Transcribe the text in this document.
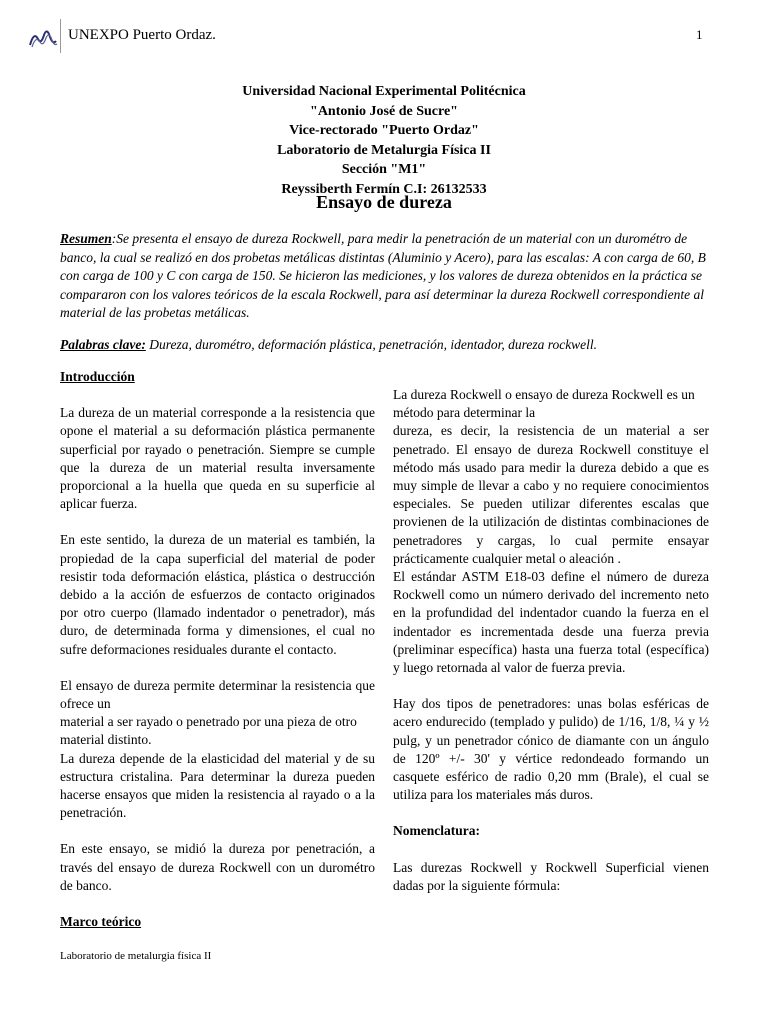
UNEXPO Puerto Ordaz.	1
Universidad Nacional Experimental Politécnica
"Antonio José de Sucre"
Vice-rectorado "Puerto Ordaz"
Laboratorio de Metalurgia Física II
Sección "M1"
Reyssiberth Fermín C.I: 26132533
Ensayo de dureza
Resumen:Se presenta el ensayo de dureza Rockwell, para medir la penetración de un material con un durométro de banco, la cual se realizó en dos probetas metálicas distintas (Aluminio y Acero), para las escalas: A con carga de 60, B con carga de 100 y C con carga de 150. Se hicieron las mediciones, y los valores de dureza obtenidos en la práctica se compararon con los valores teóricos de la escala Rockwell, para así determinar la dureza Rockwell correspondiente al material de las probetas metálicas.
Palabras clave: Dureza, durométro, deformación plástica, penetración, identador, dureza rockwell.

Introducción

La dureza de un material corresponde a la resistencia que opone el material a su deformación plástica permanente superficial por rayado o penetración. Siempre se cumple que la dureza de un material resulta inversamente proporcional a la huella que queda en su superficie al aplicar fuerza.

En este sentido, la dureza de un material es también, la propiedad de la capa superficial del material de poder resistir toda deformación elástica, plástica o destrucción debido a la acción de esfuerzos de contacto originados por otro cuerpo (llamado indentador o penetrador), más duro, de determinada forma y dimensiones, el cual no sufre deformaciones residuales durante el contacto.

El ensayo de dureza permite determinar la resistencia que ofrece un

material a ser rayado o penetrado por una pieza de otro material distinto.

La dureza depende de la elasticidad del material y de su estructura cristalina. Para determinar la dureza pueden hacerse ensayos que miden la resistencia al rayado o a la penetración.

En este ensayo, se midió la dureza por penetración, a través del ensayo de dureza Rockwell con un durométro de banco.

Marco teórico

La dureza Rockwell o ensayo de dureza Rockwell es un método para determinar la

dureza, es decir, la resistencia de un material a ser penetrado. El ensayo de dureza Rockwell constituye el método más usado para medir la dureza debido a que es muy simple de llevar a cabo y no requiere conocimientos especiales. Se pueden utilizar diferentes escalas que provienen de la utilización de distintas combinaciones de penetradores y cargas, lo cual permite ensayar prácticamente cualquier metal o aleación .

El estándar ASTM E18-03 define el número de dureza Rockwell como un número derivado del incremento neto en la profundidad del indentador cuando la fuerza en el indentador es incrementada desde una fuerza previa (preliminar específica) hasta una fuerza total (específica) y luego retornada al valor de fuerza previa.

Hay dos tipos de penetradores: unas bolas esféricas de acero endurecido (templado y pulido) de 1/16, 1/8, ¼ y ½ pulg, y un penetrador cónico de diamante con un ángulo de 120º +/- 30' y vértice redondeado formando un casquete esférico de radio 0,20 mm (Brale), el cual se utiliza para los materiales más duros.

Nomenclatura:

Las durezas Rockwell y Rockwell Superficial vienen dadas por la siguiente fórmula:

Laboratorio de metalurgia física II
